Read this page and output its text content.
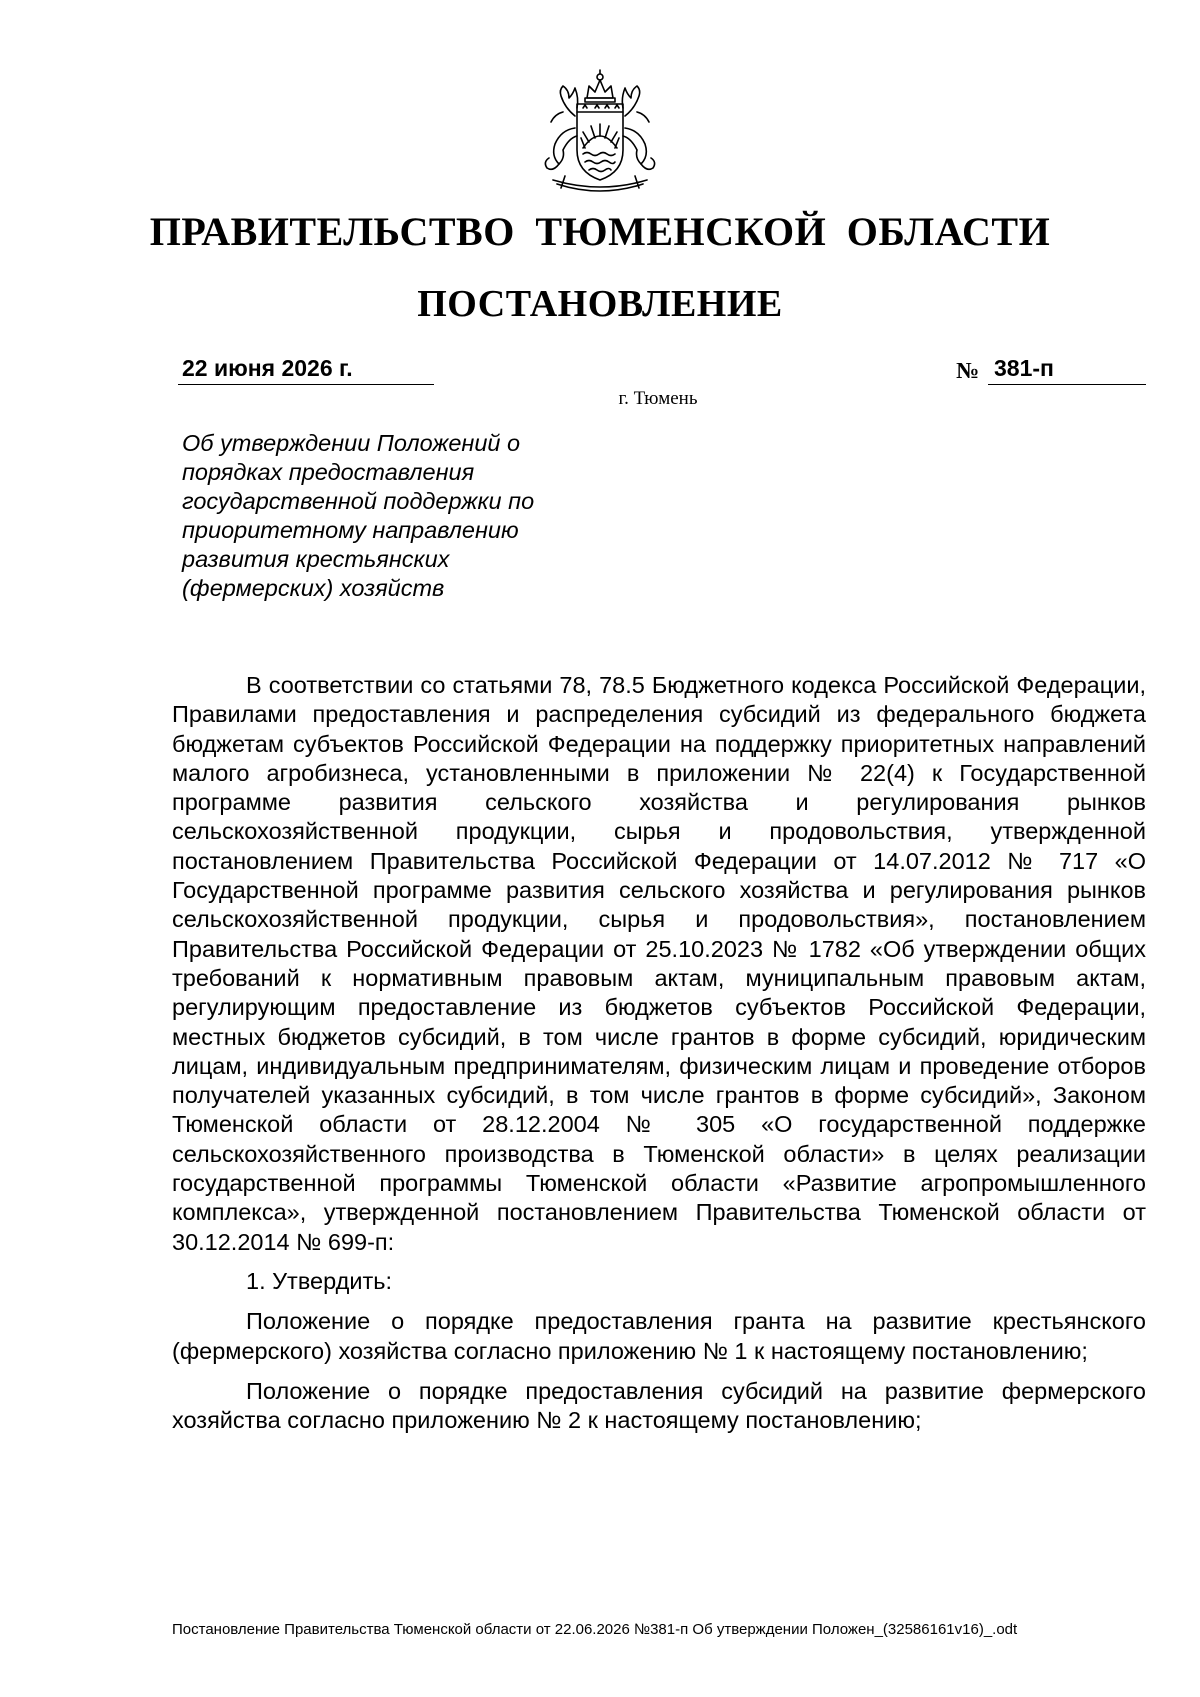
ПРАВИТЕЛЬСТВО ТЮМЕНСКОЙ ОБЛАСТИ
ПОСТАНОВЛЕНИЕ
22 июня 2026 г.	№ 381-п
г. Тюмень
Об утверждении Положений о
порядках предоставления
государственной поддержки по
приоритетному направлению
развития крестьянских
(фермерских) хозяйств

В соответствии со статьями 78, 78.5 Бюджетного кодекса Российской Федерации, Правилами предоставления и распределения субсидий из федерального бюджета бюджетам субъектов Российской Федерации на поддержку приоритетных направлений малого агробизнеса, установленными в приложении № 22(4) к Государственной программе развития сельского хозяйства и регулирования рынков сельскохозяйственной продукции, сырья и продовольствия, утвержденной постановлением Правительства Российской Федерации от 14.07.2012 № 717 «О Государственной программе развития сельского хозяйства и регулирования рынков сельскохозяйственной продукции, сырья и продовольствия», постановлением Правительства Российской Федерации от 25.10.2023 № 1782 «Об утверждении общих требований к нормативным правовым актам, муниципальным правовым актам, регулирующим предоставление из бюджетов субъектов Российской Федерации, местных бюджетов субсидий, в том числе грантов в форме субсидий, юридическим лицам, индивидуальным предпринимателям, физическим лицам и проведение отборов получателей указанных субсидий, в том числе грантов в форме субсидий», Законом Тюменской области от 28.12.2004 № 305 «О государственной поддержке сельскохозяйственного производства в Тюменской области» в целях реализации государственной программы Тюменской области «Развитие агропромышленного комплекса», утвержденной постановлением Правительства Тюменской области от 30.12.2014 № 699-п:

1. Утвердить:

Положение о порядке предоставления гранта на развитие крестьянского (фермерского) хозяйства согласно приложению № 1 к настоящему постановлению;

Положение о порядке предоставления субсидий на развитие фермерского хозяйства согласно приложению № 2 к настоящему постановлению;

Постановление Правительства Тюменской области от 22.06.2026 №381-п Об утверждении Положен_(32586161v16)_.odt
